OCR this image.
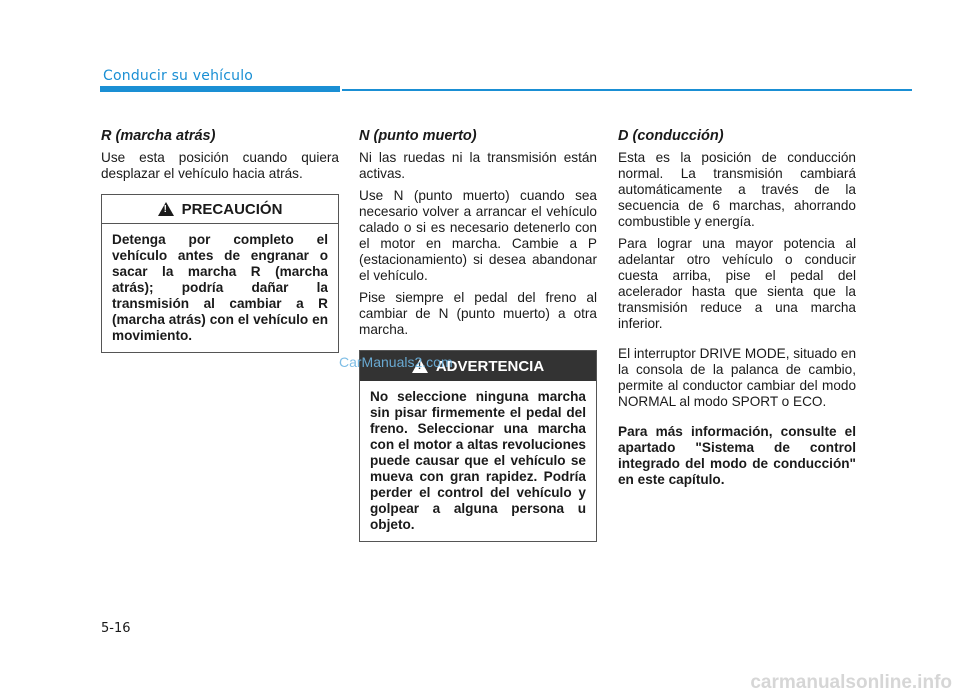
Conducir su vehículo
R (marcha atrás)

Use esta posición cuando quiera desplazar el vehículo hacia atrás.

!
PRECAUCIÓN
Detenga por completo el vehículo antes de engranar o sacar la marcha R (marcha atrás); podría dañar la transmisión al cambiar a R (marcha atrás) con el vehículo en movimiento.
N (punto muerto)

Ni las ruedas ni la transmisión están activas.

Use N (punto muerto) cuando sea necesario volver a arrancar el vehículo calado o si es necesario detenerlo con el motor en marcha. Cambie a P (estacionamiento) si desea abandonar el vehículo.

Pise siempre el pedal del freno al cambiar de N (punto muerto) a otra marcha.

!
ADVERTENCIA
No seleccione ninguna marcha sin pisar firmemente el pedal del freno. Seleccionar una marcha con el motor a altas revoluciones puede causar que el vehículo se mueva con gran rapidez. Podría perder el control del vehículo y golpear a alguna persona u objeto.
D (conducción)

Esta es la posición de conducción normal. La transmisión cambiará automáticamente a través de la secuencia de 6 marchas, ahorrando combustible y energía.

Para lograr una mayor potencia al adelantar otro vehículo o conducir cuesta arriba, pise el pedal del acelerador hasta que sienta que la transmisión reduce a una marcha inferior.

El interruptor DRIVE MODE, situado en la consola de la palanca de cambio, permite al conductor cambiar del modo NORMAL al modo SPORT o ECO.

Para más información, consulte el apartado "Sistema de control integrado del modo de conducción" en este capítulo.

CarManuals2.com
5-16
carmanualsonline.info
